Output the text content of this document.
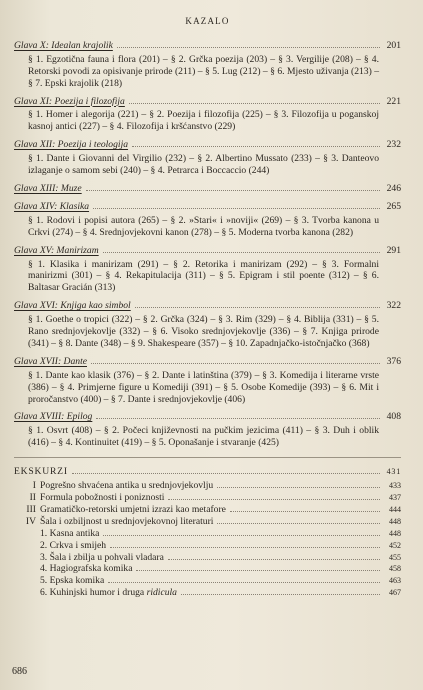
KAZALO
Glava X: Idealan krajolik	201
§ 1. Egzotična fauna i flora (201) – § 2. Grčka poezija (203) – § 3. Vergilije (208) – § 4. Retorski povodi za opisivanje prirode (211) – § 5. Lug (212) – § 6. Mjesto uživanja (213) – § 7. Epski krajolik (218)
Glava XI: Poezija i filozofija	221
§ 1. Homer i alegorija (221) – § 2. Poezija i filozofija (225) – § 3. Filozofija u poganskoj kasnoj antici (227) – § 4. Filozofija i kršćanstvo (229)
Glava XII: Poezija i teologija	232
§ 1. Dante i Giovanni del Virgilio (232) – § 2. Albertino Mussato (233) – § 3. Danteovo izlaganje o samom sebi (240) – § 4. Petrarca i Boccaccio (244)
Glava XIII: Muze	246
Glava XIV: Klasika	265
§ 1. Rodovi i popisi autora (265) – § 2. »Stari« i »noviji« (269) – § 3. Tvorba kanona u Crkvi (274) – § 4. Srednjovjekovni kanon (278) – § 5. Moderna tvorba kanona (282)
Glava XV: Manirizam	291
§ 1. Klasika i manirizam (291) – § 2. Retorika i manirizam (292) – § 3. Formalni manirizmi (301) – § 4. Rekapitulacija (311) – § 5. Epigram i stil poente (312) – § 6. Baltasar Gracián (313)
Glava XVI: Knjiga kao simbol	322
§ 1. Goethe o tropici (322) – § 2. Grčka (324) – § 3. Rim (329) – § 4. Biblija (331) – § 5. Rano srednjovjekovlje (332) – § 6. Visoko srednjovjekovlje (336) – § 7. Knjiga prirode (341) – § 8. Dante (348) – § 9. Shakespeare (357) – § 10. Zapadnjačko-istočnjačko (368)
Glava XVII: Dante	376
§ 1. Dante kao klasik (376) – § 2. Dante i latinština (379) – § 3. Komedija i literarne vrste (386) – § 4. Primjerne figure u Komediji (391) – § 5. Osobe Komedije (393) – § 6. Mit i proročanstvo (400) – § 7. Dante i srednjovjekovlje (406)
Glava XVIII: Epilog	408
§ 1. Osvrt (408) – § 2. Počeci književnosti na pučkim jezicima (411) – § 3. Duh i oblik (416) – § 4. Kontinuitet (419) – § 5. Oponašanje i stvaranje (425)
EKSKURZI	431
I Pogrešno shvaćena antika u srednjovjekovlju	433
II Formula pobožnosti i poniznosti	437
III Gramatičko-retorski umjetni izrazi kao metafore	444
IV Šala i ozbiljnost u srednjovjekovnoj literaturi	448
1. Kasna antika	448
2. Crkva i smijeh	452
3. Šala i zbilja u pohvali vladara	455
4. Hagiografska komika	458
5. Epska komika	463
6. Kuhinjski humor i druga ridicula	467
686
